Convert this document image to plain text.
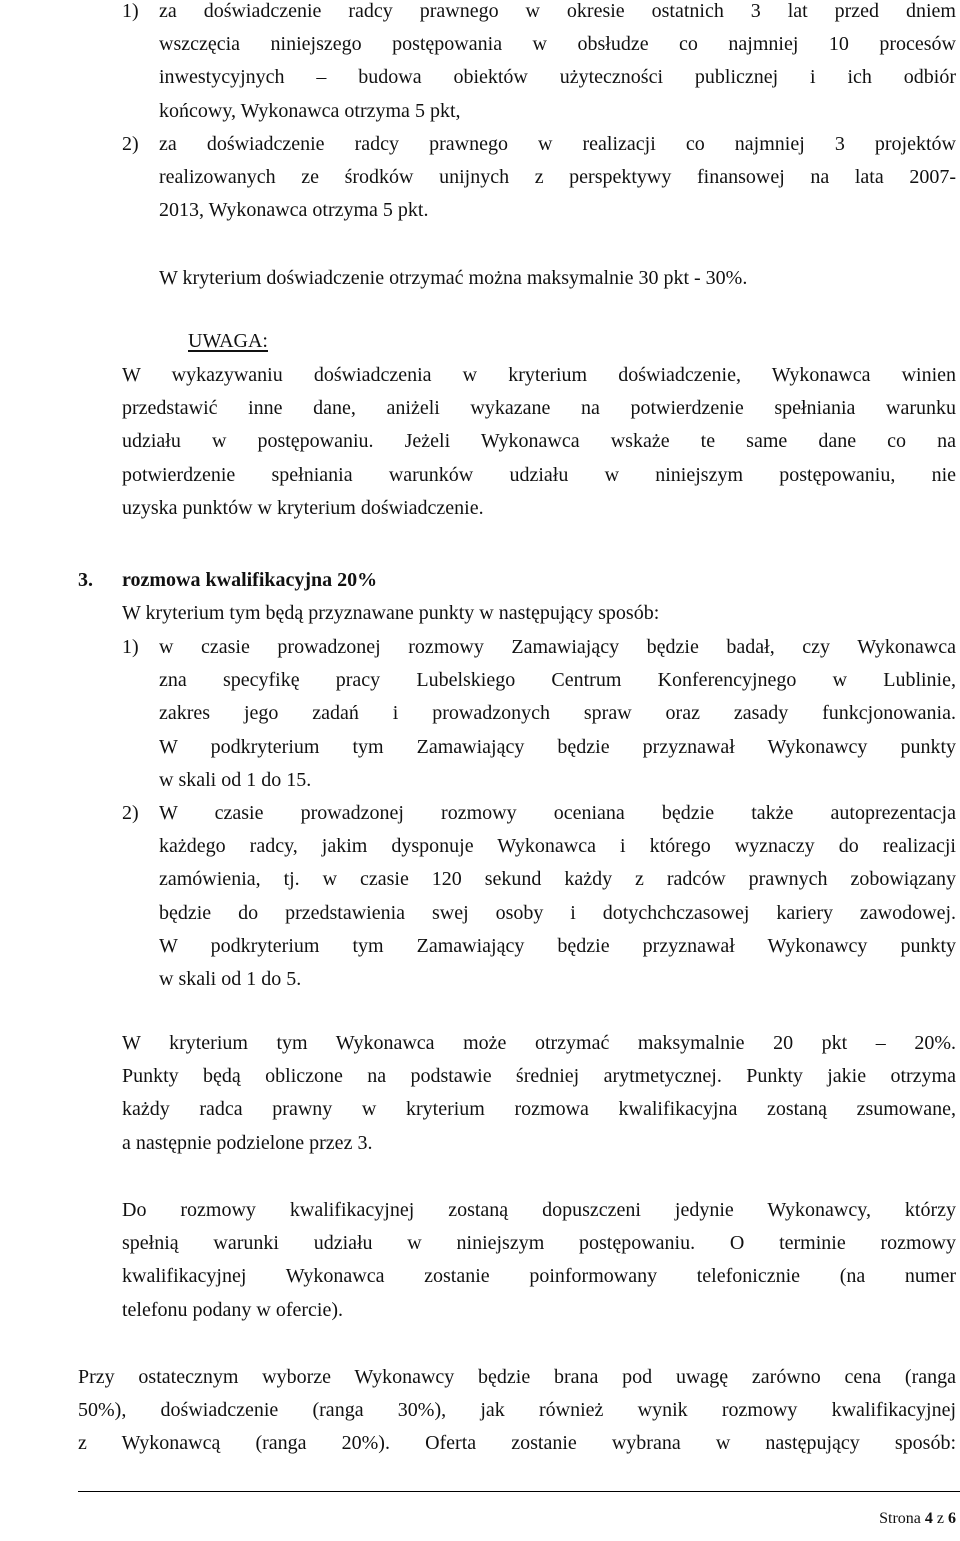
1) za doświadczenie radcy prawnego w okresie ostatnich 3 lat przed dniem

wszczęcia niniejszego postępowania w obsłudze co najmniej 10 procesów

inwestycyjnych – budowa obiektów użyteczności publicznej i ich odbiór

końcowy, Wykonawca otrzyma 5 pkt,

2) za doświadczenie radcy prawnego w realizacji co najmniej 3 projektów

realizowanych ze środków unijnych z perspektywy finansowej na lata 2007-

2013, Wykonawca otrzyma 5 pkt.

W kryterium doświadczenie otrzymać można maksymalnie 30 pkt - 30%.

UWAGA:

W wykazywaniu doświadczenia w kryterium doświadczenie, Wykonawca winien

przedstawić inne dane, aniżeli wykazane na potwierdzenie spełniania warunku

udziału w postępowaniu. Jeżeli Wykonawca wskaże te same dane co na

potwierdzenie spełniania warunków udziału w niniejszym postępowaniu, nie

uzyska punktów w kryterium doświadczenie.

3. rozmowa kwalifikacyjna 20%
W kryterium tym będą przyznawane punkty w następujący sposób:
1) w czasie prowadzonej rozmowy Zamawiający będzie badał, czy Wykonawca

zna specyfikę pracy Lubelskiego Centrum Konferencyjnego w Lublinie,

zakres jego zadań i prowadzonych spraw oraz zasady funkcjonowania.

W podkryterium tym Zamawiający będzie przyznawał Wykonawcy punkty

w skali od 1 do 15.

2) W czasie prowadzonej rozmowy oceniana będzie także autoprezentacja

każdego radcy, jakim dysponuje Wykonawca i którego wyznaczy do realizacji

zamówienia, tj. w czasie 120 sekund każdy z radców prawnych zobowiązany

będzie do przedstawienia swej osoby i dotychchczasowej kariery zawodowej.

W podkryterium tym Zamawiający będzie przyznawał Wykonawcy punkty

w skali od 1 do 5.

W kryterium tym Wykonawca może otrzymać maksymalnie 20 pkt – 20%.

Punkty będą obliczone na podstawie średniej arytmetycznej. Punkty jakie otrzyma

każdy radca prawny w kryterium rozmowa kwalifikacyjna zostaną zsumowane,

a następnie podzielone przez 3.

Do rozmowy kwalifikacyjnej zostaną dopuszczeni jedynie Wykonawcy, którzy

spełnią warunki udziału w niniejszym postępowaniu. O terminie rozmowy

kwalifikacyjnej Wykonawca zostanie poinformowany telefonicznie (na numer

telefonu podany w ofercie).

Przy ostatecznym wyborze Wykonawcy będzie brana pod uwagę zarówno cena (ranga

50%), doświadczenie (ranga 30%), jak również wynik rozmowy kwalifikacyjnej

z Wykonawcą (ranga 20%). Oferta zostanie wybrana w następujący sposób:

Strona 4 z 6
